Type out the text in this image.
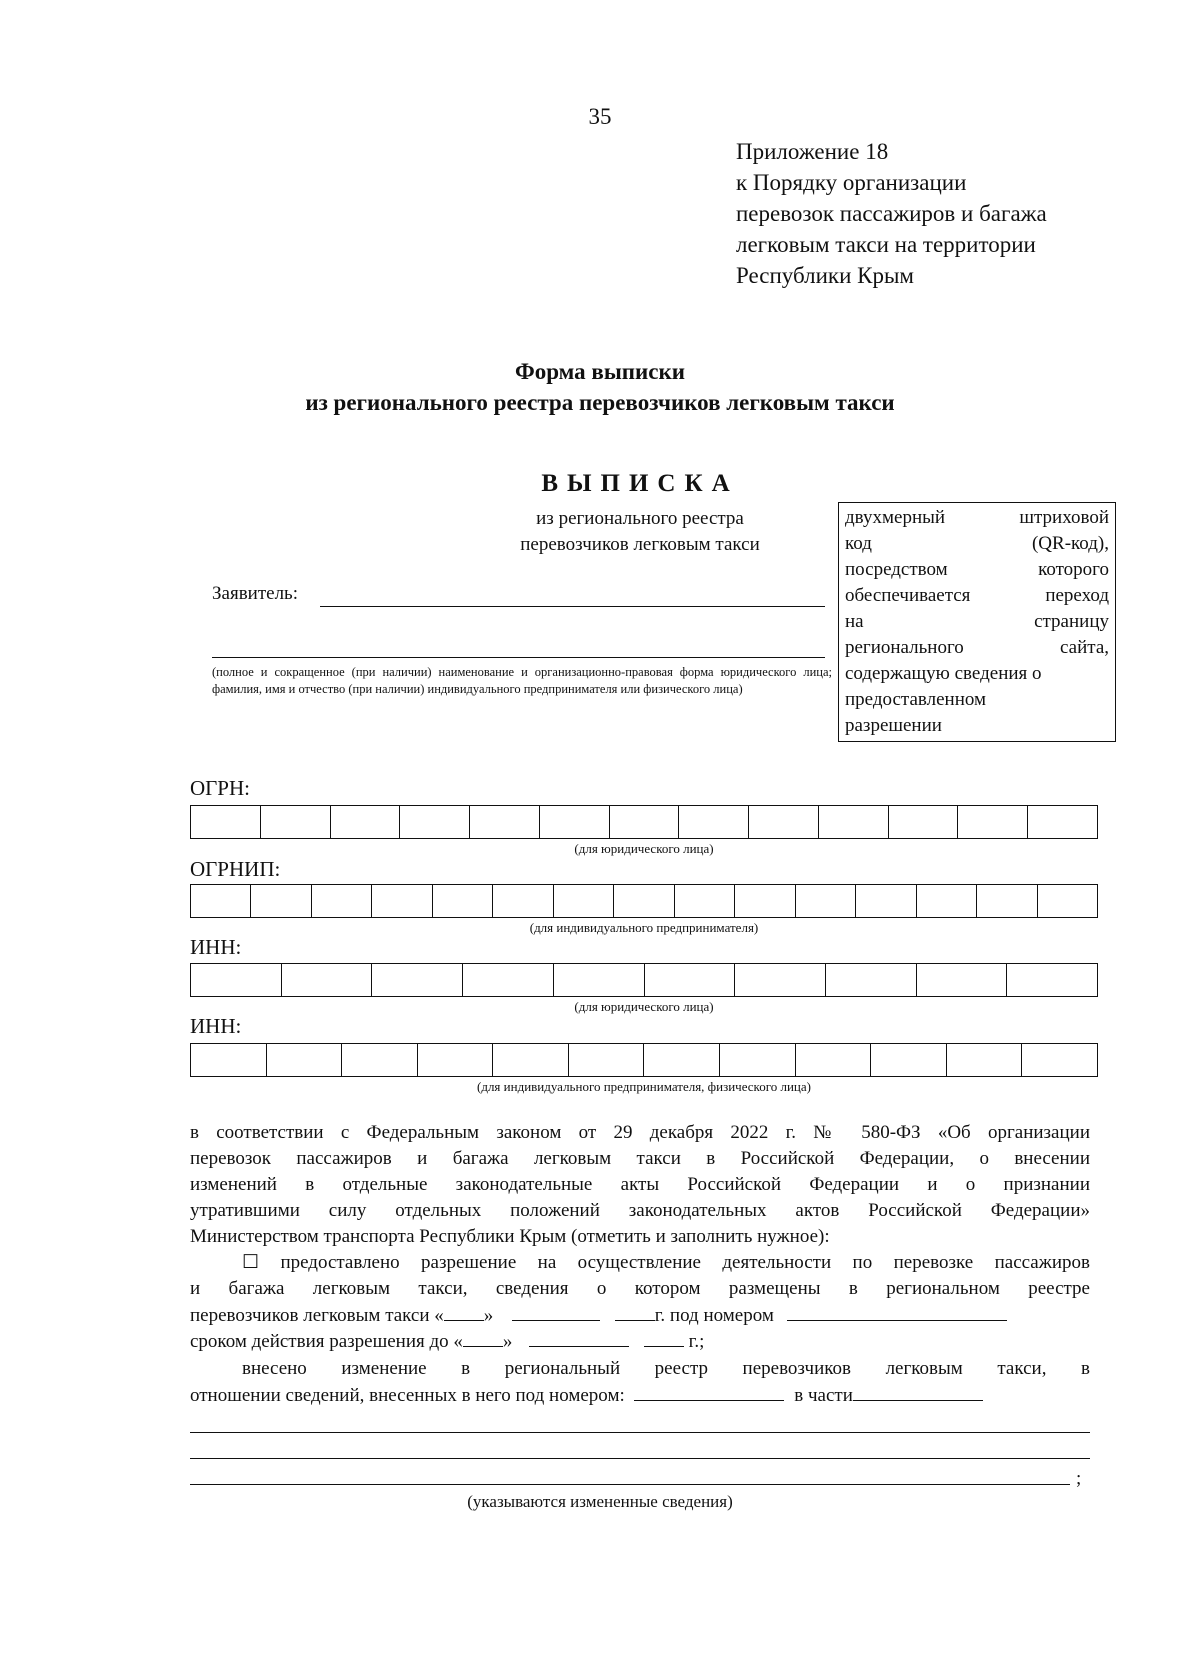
35
Приложение 18
к Порядку организации
перевозок пассажиров и багажа
легковым такси на территории
Республики Крым
Форма выписки
из регионального реестра перевозчиков легковым такси
ВЫПИСКА
из регионального реестра
перевозчиков легковым такси
двухмерный	штриховой
код	(QR-код),
посредством	которого
обеспечивается	переход
на	страницу
регионального	сайта,
содержащую сведения о
предоставленном
разрешении
Заявитель:
(полное и сокращенное (при наличии) наименование и организационно-правовая форма юридического лица; фамилия, имя и отчество (при наличии) индивидуального предпринимателя или физического лица)
ОГРН:
(для юридического лица)
ОГРНИП:
(для индивидуального предпринимателя)
ИНН:
(для юридического лица)
ИНН:
(для индивидуального предпринимателя, физического лица)
в соответствии с Федеральным законом от 29 декабря 2022 г. № 580-ФЗ «Об организации
перевозок пассажиров и багажа легковым такси в Российской Федерации, о внесении
изменений в отдельные законодательные акты Российской Федерации и о признании
утратившими силу отдельных положений законодательных актов Российской Федерации»
Министерством транспорта Республики Крым (отметить и заполнить нужное):
☐ предоставлено разрешение на осуществление деятельности по перевозке пассажиров
и багажа легковым такси, сведения о котором размещены в региональном реестре
перевозчиков легковым такси « »	г. под номером
сроком действия разрешения до « »	г.;
внесено изменение в региональный реестр перевозчиков легковым такси, в
отношении сведений, внесенных в него под номером:	в части
;
(указываются измененные сведения)
